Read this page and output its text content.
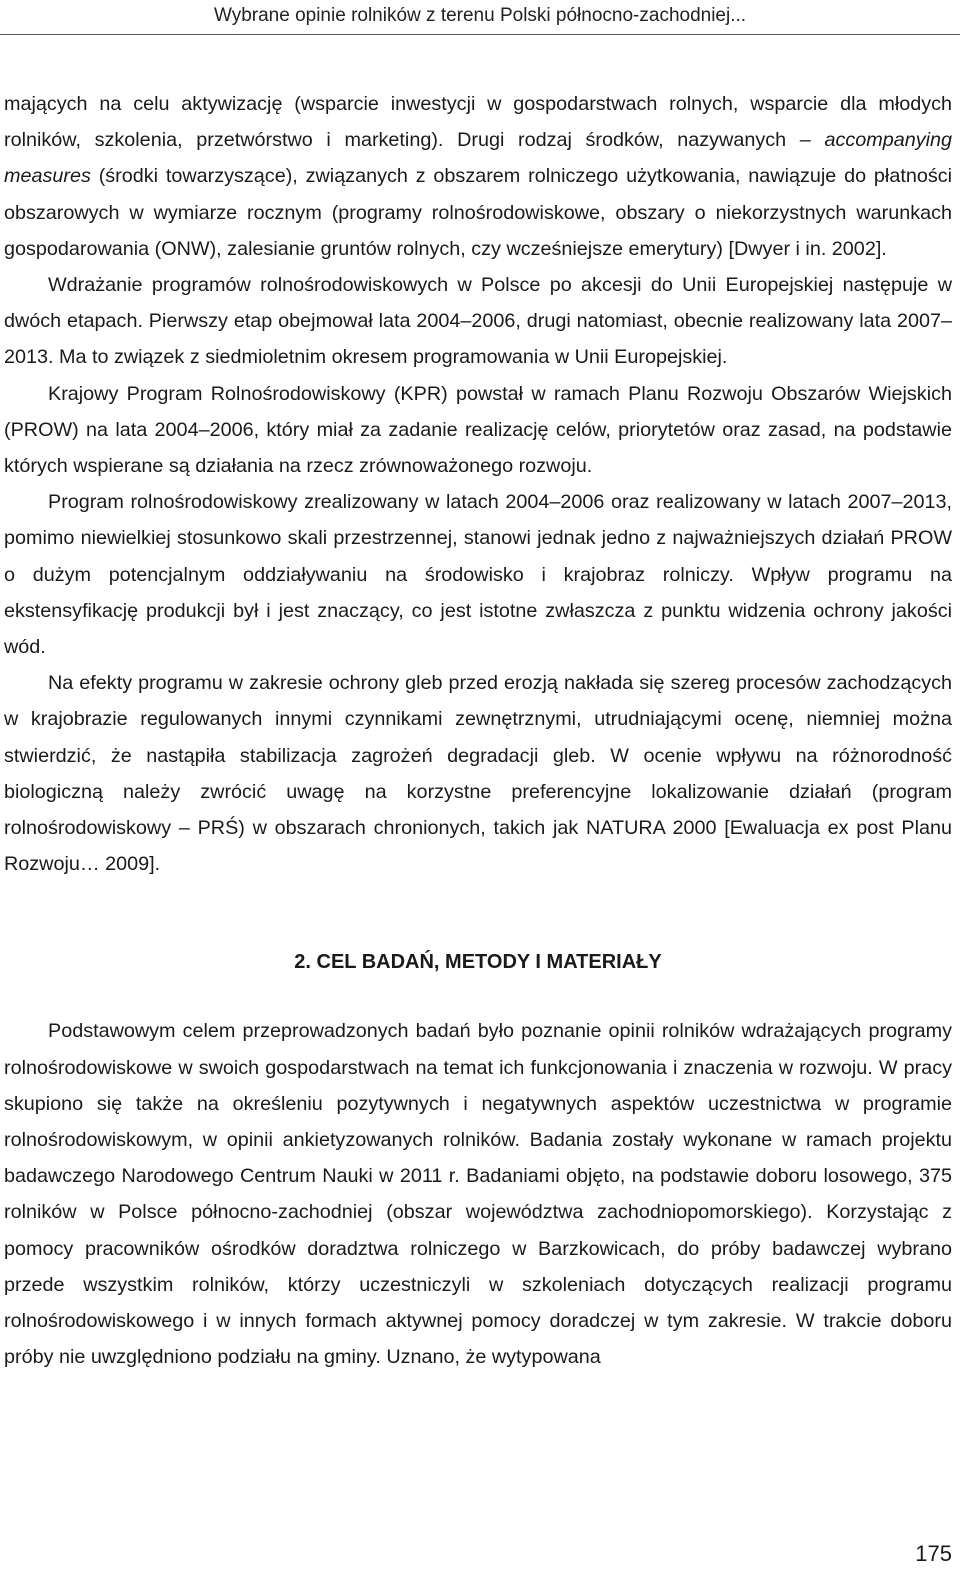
Wybrane opinie rolników z terenu Polski północno-zachodniej...

mających na celu aktywizację (wsparcie inwestycji w gospodarstwach rolnych, wsparcie dla młodych rolników, szkolenia, przetwórstwo i marketing). Drugi rodzaj środków, nazywanych – accompanying measures (środki towarzyszące), związanych z obszarem rolniczego użytkowania, nawiązuje do płatności obszarowych w wymiarze rocznym (programy rolnośrodowiskowe, obszary o niekorzystnych warunkach gospodarowania (ONW), zalesianie gruntów rolnych, czy wcześniejsze emerytury) [Dwyer i in. 2002].

Wdrażanie programów rolnośrodowiskowych w Polsce po akcesji do Unii Europejskiej następuje w dwóch etapach. Pierwszy etap obejmował lata 2004–2006, drugi natomiast, obecnie realizowany lata 2007–2013. Ma to związek z siedmioletnim okresem programowania w Unii Europejskiej.

Krajowy Program Rolnośrodowiskowy (KPR) powstał w ramach Planu Rozwoju Obszarów Wiejskich (PROW) na lata 2004–2006, który miał za zadanie realizację celów, priorytetów oraz zasad, na podstawie których wspierane są działania na rzecz zrównoważonego rozwoju.

Program rolnośrodowiskowy zrealizowany w latach 2004–2006 oraz realizowany w latach 2007–2013, pomimo niewielkiej stosunkowo skali przestrzennej, stanowi jednak jedno z najważniejszych działań PROW o dużym potencjalnym oddziaływaniu na środowisko i krajobraz rolniczy. Wpływ programu na ekstensyfikację produkcji był i jest znaczący, co jest istotne zwłaszcza z punktu widzenia ochrony jakości wód.

Na efekty programu w zakresie ochrony gleb przed erozją nakłada się szereg procesów zachodzących w krajobrazie regulowanych innymi czynnikami zewnętrznymi, utrudniającymi ocenę, niemniej można stwierdzić, że nastąpiła stabilizacja zagrożeń degradacji gleb. W ocenie wpływu na różnorodność biologiczną należy zwrócić uwagę na korzystne preferencyjne lokalizowanie działań (program rolnośrodowiskowy – PRŚ) w obszarach chronionych, takich jak NATURA 2000 [Ewaluacja ex post Planu Rozwoju… 2009].

2. CEL BADAŃ, METODY I MATERIAŁY

Podstawowym celem przeprowadzonych badań było poznanie opinii rolników wdrażających programy rolnośrodowiskowe w swoich gospodarstwach na temat ich funkcjonowania i znaczenia w rozwoju. W pracy skupiono się także na określeniu pozytywnych i negatywnych aspektów uczestnictwa w programie rolnośrodowiskowym, w opinii ankietyzowanych rolników. Badania zostały wykonane w ramach projektu badawczego Narodowego Centrum Nauki w 2011 r. Badaniami objęto, na podstawie doboru losowego, 375 rolników w Polsce północno-zachodniej (obszar województwa zachodniopomorskiego). Korzystając z pomocy pracowników ośrodków doradztwa rolniczego w Barzkowicach, do próby badawczej wybrano przede wszystkim rolników, którzy uczestniczyli w szkoleniach dotyczących realizacji programu rolnośrodowiskowego i w innych formach aktywnej pomocy doradczej w tym zakresie. W trakcie doboru próby nie uwzględniono podziału na gminy. Uznano, że wytypowana

175
